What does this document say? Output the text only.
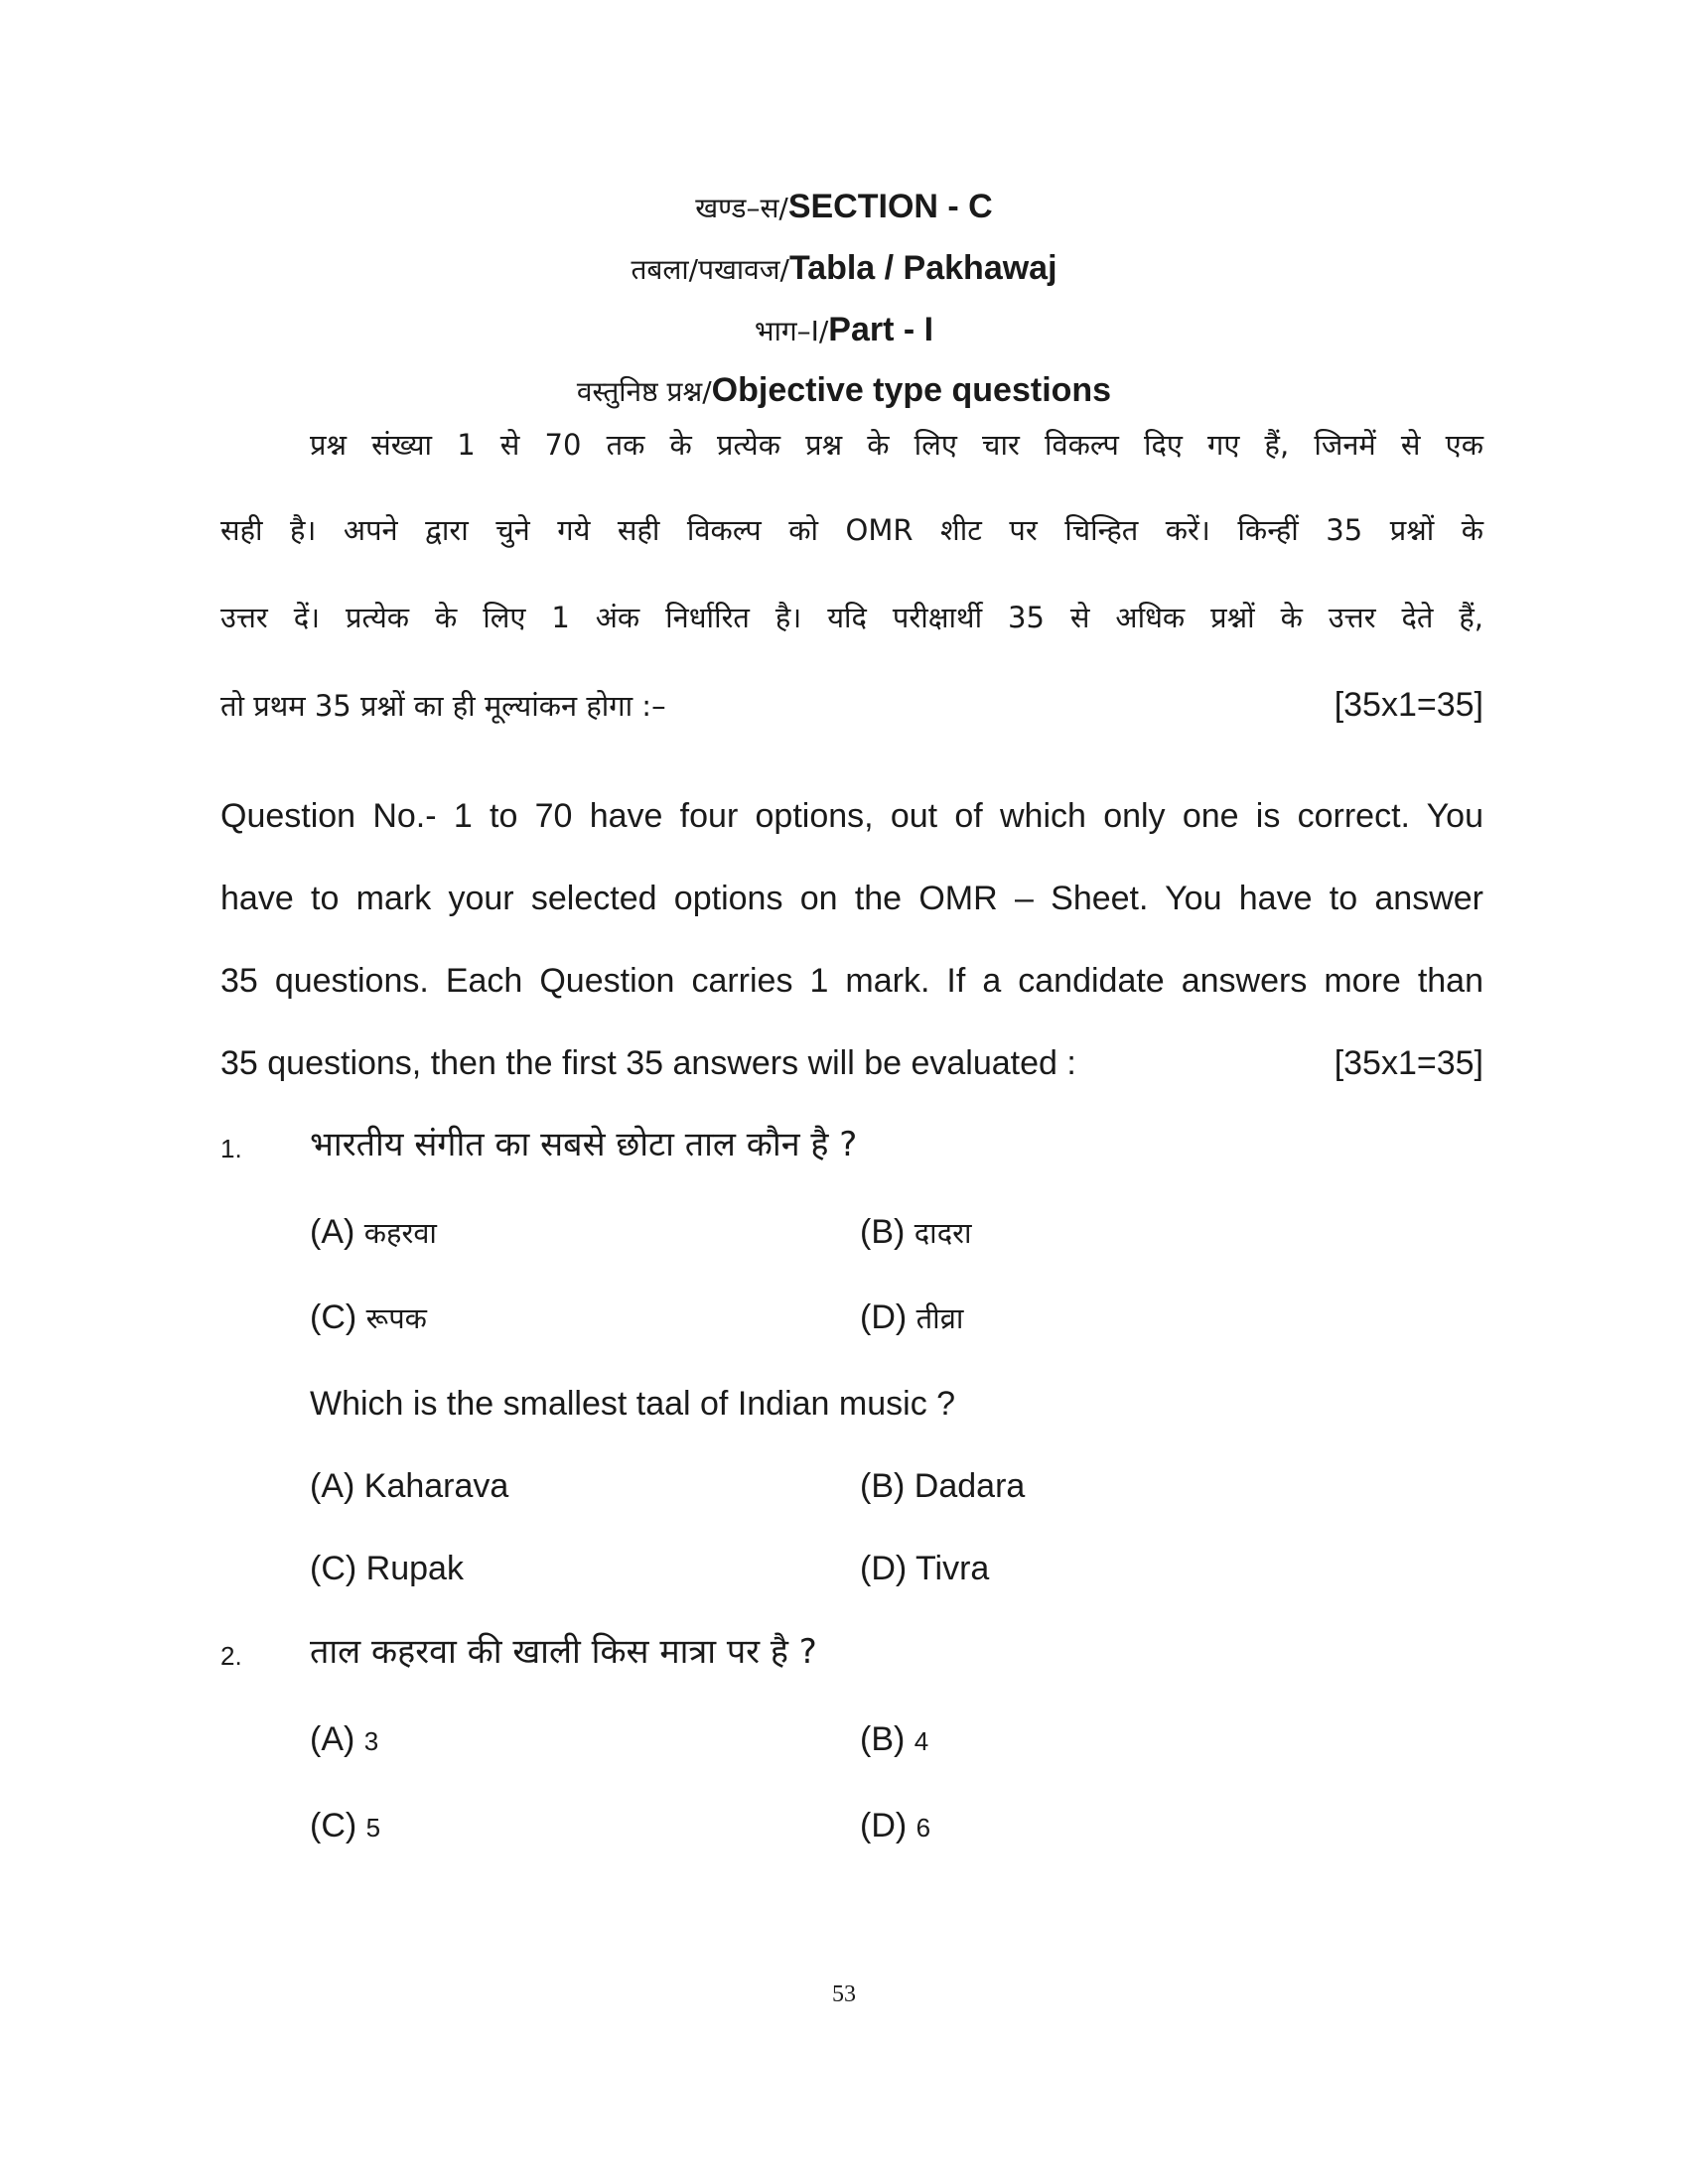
खण्ड–स/SECTION - C
तबला/पखावज/Tabla / Pakhawaj
भाग–I/Part - I
वस्तुनिष्ठ प्रश्न/Objective type questions
प्रश्न संख्या 1 से 70 तक के प्रत्येक प्रश्न के लिए चार विकल्प दिए गए हैं, जिनमें से एक
सही है। अपने द्वारा चुने गये सही विकल्प को OMR शीट पर चिन्हित करें। किन्हीं 35 प्रश्नों के
उत्तर दें। प्रत्येक के लिए 1 अंक निर्धारित है। यदि परीक्षार्थी 35 से अधिक प्रश्नों के उत्तर देते हैं,
तो प्रथम 35 प्रश्नों का ही मूल्यांकन होगा :–	[35x1=35]
Question No.- 1 to 70 have four options, out of which only one is correct. You
have to mark your selected options on the OMR – Sheet. You have to answer
35 questions. Each Question carries 1 mark. If a candidate answers more than
35 questions, then the first 35 answers will be evaluated :	[35x1=35]
1. भारतीय संगीत का सबसे छोटा ताल कौन है ?
(A) कहरवा	(B) दादरा
(C) रूपक	(D) तीव्रा
Which is the smallest taal of Indian music ?
(A) Kaharava	(B) Dadara
(C) Rupak	(D) Tivra
2. ताल कहरवा की खाली किस मात्रा पर है ?
(A) 3	(B) 4
(C) 5	(D) 6
53
